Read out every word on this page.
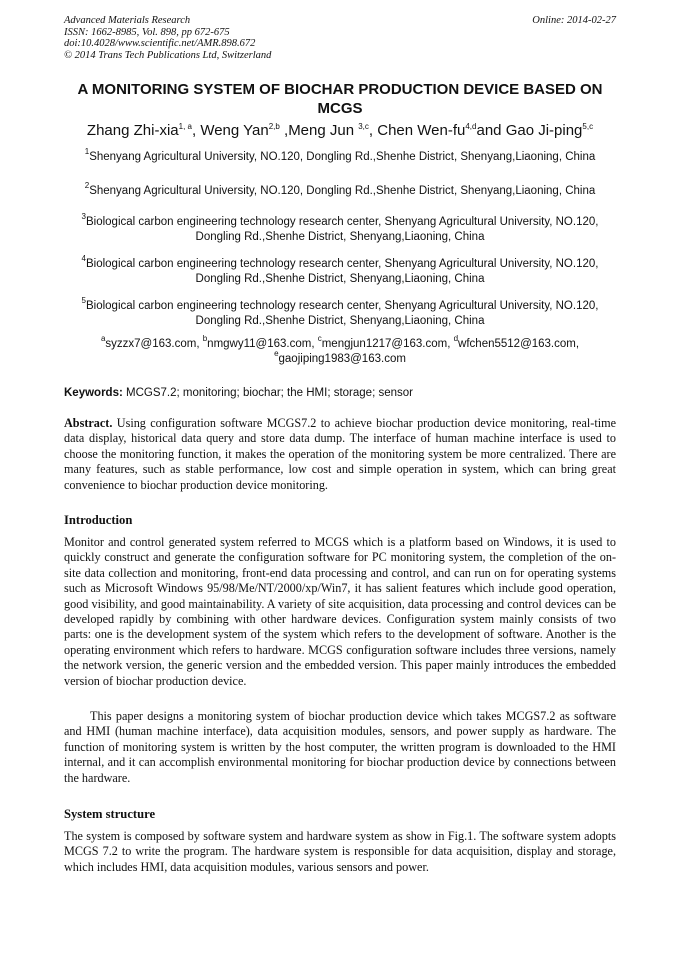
Advanced Materials Research
ISSN: 1662-8985, Vol. 898, pp 672-675
doi:10.4028/www.scientific.net/AMR.898.672
© 2014 Trans Tech Publications Ltd, Switzerland
Online: 2014-02-27
A MONITORING SYSTEM OF BIOCHAR PRODUCTION DEVICE BASED ON MCGS
Zhang Zhi-xia$^{1, a}$, Weng Yan$^{2,b}$ ,Meng Jun $^{3,c}$, Chen Wen-fu$^{4,d}$and Gao Ji-ping$^{5,c}$
$^1$Shenyang Agricultural University, NO.120, Dongling Rd.,Shenhe District, Shenyang,Liaoning, China
$^2$Shenyang Agricultural University, NO.120, Dongling Rd.,Shenhe District, Shenyang,Liaoning, China
$^3$Biological carbon engineering technology research center, Shenyang Agricultural University, NO.120, Dongling Rd.,Shenhe District, Shenyang,Liaoning, China
$^4$Biological carbon engineering technology research center, Shenyang Agricultural University, NO.120, Dongling Rd.,Shenhe District, Shenyang,Liaoning, China
$^5$Biological carbon engineering technology research center, Shenyang Agricultural University, NO.120, Dongling Rd.,Shenhe District, Shenyang,Liaoning, China
$^a$syzzx7@163.com, $^b$nmgwy11@163.com, $^c$mengjun1217@163.com, $^d$wfchen5512@163.com,
$^e$gaojiping1983@163.com
Keywords: MCGS7.2; monitoring; biochar; the HMI; storage; sensor
Abstract. Using configuration software MCGS7.2 to achieve biochar production device monitoring, real-time data display, historical data query and store data dump. The interface of human machine interface is used to choose the monitoring function, it makes the operation of the monitoring system be more centralized. There are many features, such as stable performance, low cost and simple operation in system, which can bring great convenience to biochar production device monitoring.
Introduction
Monitor and control generated system referred to MCGS which is a platform based on Windows, it is used to quickly construct and generate the configuration software for PC monitoring system, the completion of the on-site data collection and monitoring, front-end data processing and control, and can run on for operating systems such as Microsoft Windows 95/98/Me/NT/2000/xp/Win7, it has salient features which include good operation, good visibility, and good maintainability. A variety of site acquisition, data processing and control devices can be developed rapidly by combining with other hardware devices. Configuration system mainly consists of two parts: one is the development system of the system which refers to the development of software. Another is the operating environment which refers to hardware. MCGS configuration software includes three versions, namely the network version, the generic version and the embedded version. This paper mainly introduces the embedded version of biochar production device.
This paper designs a monitoring system of biochar production device which takes MCGS7.2 as software and HMI (human machine interface), data acquisition modules, sensors, and power supply as hardware. The function of monitoring system is written by the host computer, the written program is downloaded to the HMI internal, and it can accomplish environmental monitoring for biochar production device by connections between the hardware.
System structure
The system is composed by software system and hardware system as show in Fig.1. The software system adopts MCGS 7.2 to write the program. The hardware system is responsible for data acquisition, display and storage, which includes HMI, data acquisition modules, various sensors and power.
